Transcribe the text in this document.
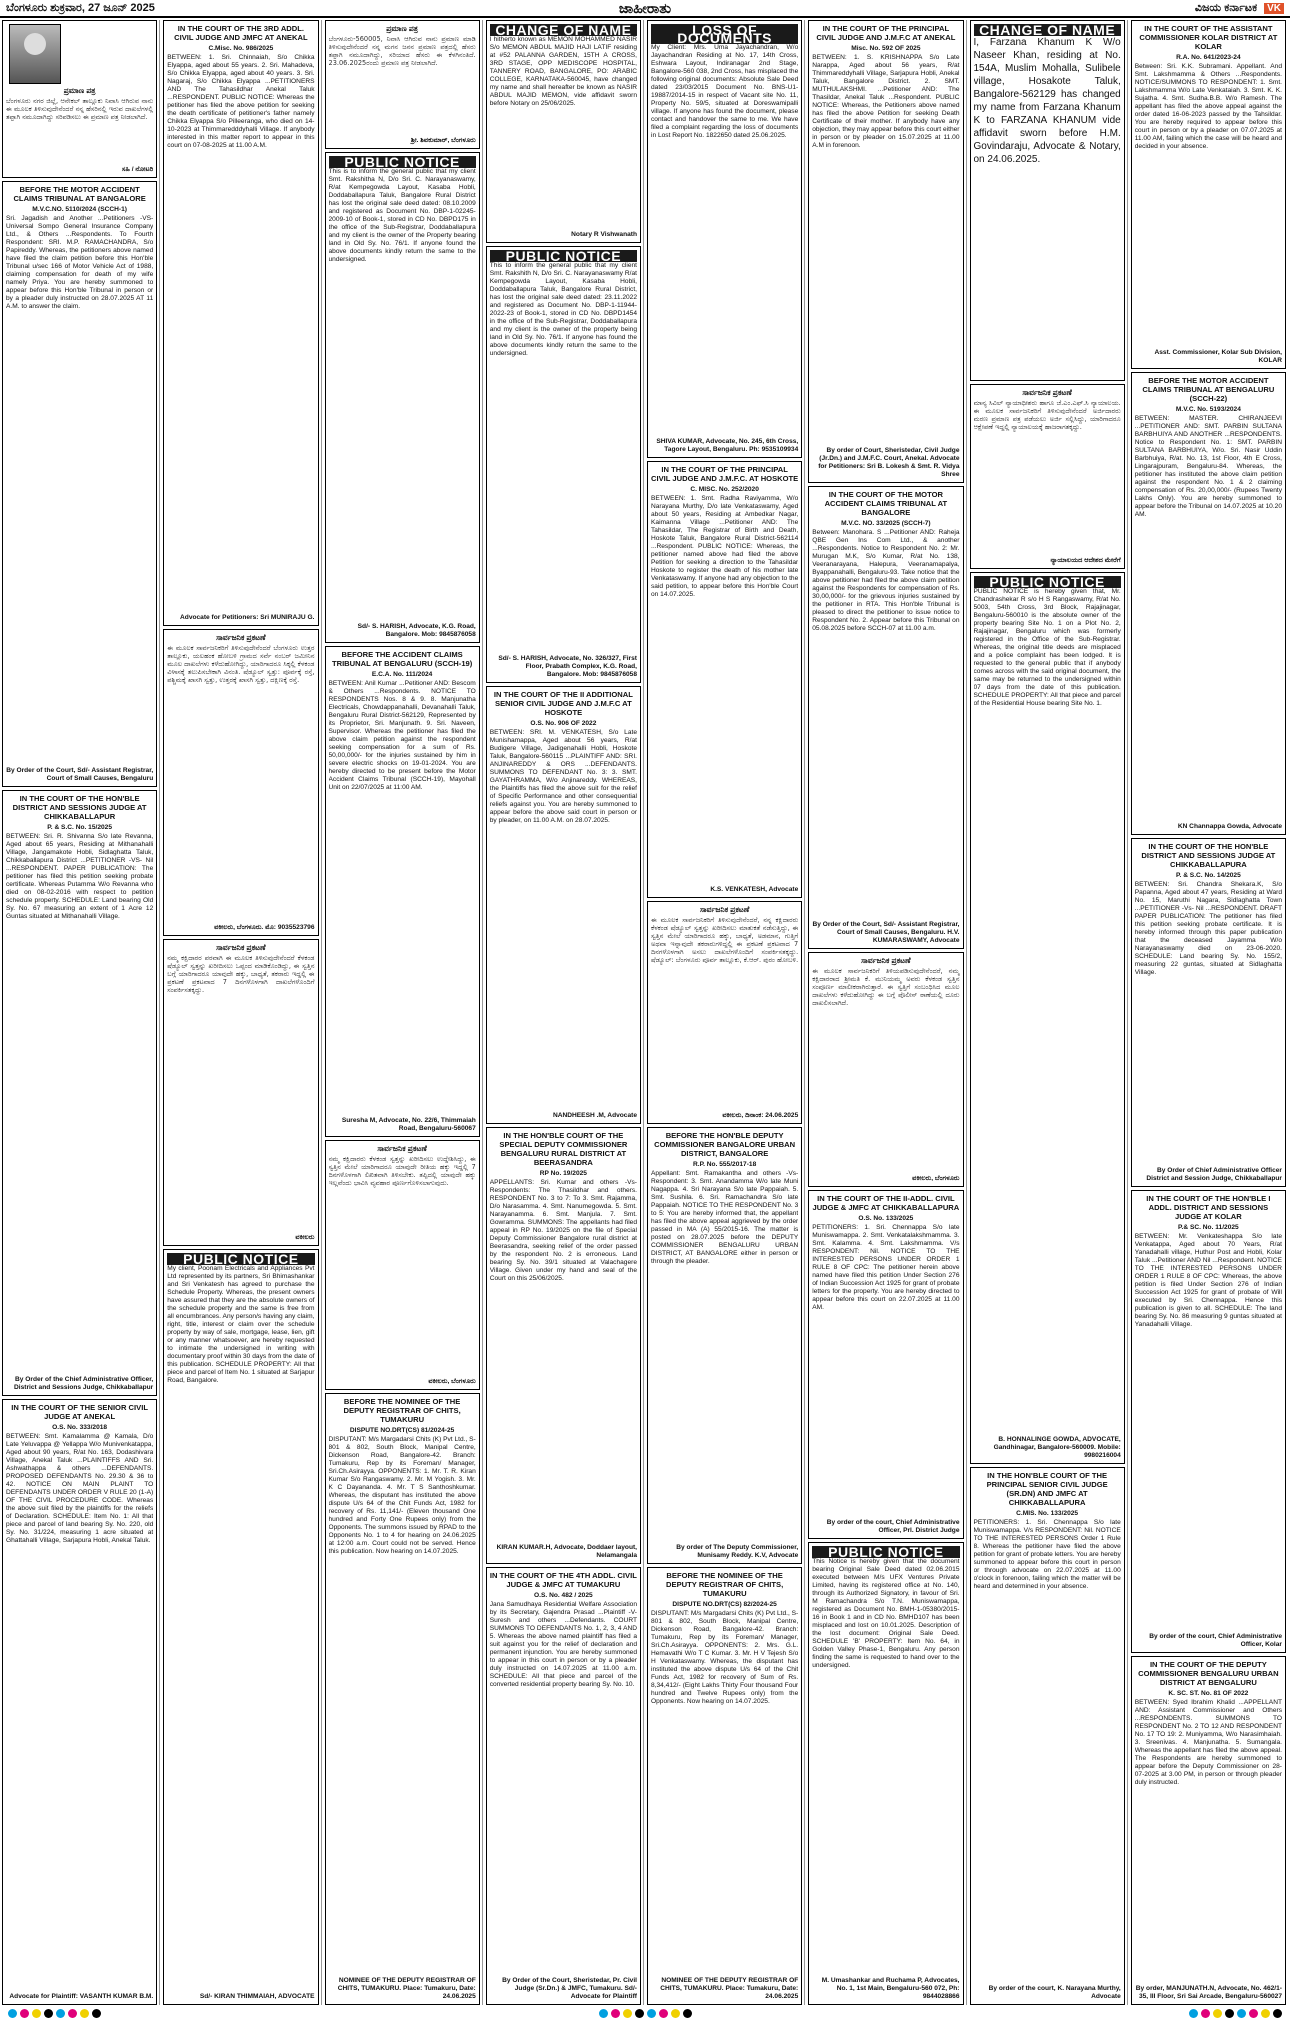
ಬೆಂಗಳೂರು ಶುಕ್ರವಾರ, 27 ಜೂನ್ 2025	ಜಾಹೀರಾತು	ವಿಜಯ ಕರ್ನಾಟಕ VK
ಪ್ರಮಾಣ ಪತ್ರ
ಬೆಂಗಳೂರು ನಗರ ಜಿಲ್ಲೆ, ಆನೇಕಲ್ ತಾಲ್ಲೂಕು ನಿವಾಸಿ ಆಗಿರುವ ನಾನು ಈ ಮೂಲಕ ತಿಳಿಸುವುದೇನೆಂದರೆ ನನ್ನ ಹೆಸರಿನಲ್ಲಿ ಇರುವ ದಾಖಲೆಗಳಲ್ಲಿ ತಪ್ಪಾಗಿ ನಮೂದಾಗಿದ್ದು ಸರಿಪಡಿಸಲು ಈ ಪ್ರಮಾಣ ಪತ್ರ ನೀಡಲಾಗಿದೆ.
ಸಹಿ / ನೋಟರಿ
BEFORE THE MOTOR ACCIDENT CLAIMS TRIBUNAL AT BANGALORE
M.V.C.NO. 5110/2024 (SCCH-1)
Sri. Jagadish and Another ...Petitioners -VS- Universal Sompo General Insurance Company Ltd., & Others ...Respondents. To Fourth Respondent: SRI. M.P. RAMACHANDRA, S/o Papireddy. Whereas, the petitioners above named have filed the claim petition before this Hon'ble Tribunal u/sec 166 of Motor Vehicle Act of 1988, claiming compensation for death of my wife namely Priya. You are hereby summoned to appear before this Hon'ble Tribunal in person or by a pleader duly instructed on 28.07.2025 AT 11 A.M. to answer the claim.
By Order of the Court, Sd/- Assistant Registrar, Court of Small Causes, Bengaluru
IN THE COURT OF THE HON'BLE DISTRICT AND SESSIONS JUDGE AT CHIKKABALLAPUR
P. & S.C. No. 15/2025
BETWEEN: Sri. R. Shivanna S/o late Revanna, Aged about 65 years, Residing at Mithanahalli Village, Jangamakote Hobli, Sidlaghatta Taluk, Chikkaballapura District ...PETITIONER -VS- Nil ...RESPONDENT. PAPER PUBLICATION: The petitioner has filed this petition seeking probate certificate. Whereas Putamma W/o Revanna who died on 08-02-2016 with respect to petition schedule property. SCHEDULE: Land bearing Old Sy. No. 67 measuring an extent of 1 Acre 12 Guntas situated at Mithanahalli Village.
By Order of the Chief Administrative Officer, District and Sessions Judge, Chikkaballapur
IN THE COURT OF THE SENIOR CIVIL JUDGE AT ANEKAL
O.S. No. 333/2018
BETWEEN: Smt. Kamalamma @ Kamala, D/o Late Yeluvappa @ Yellappa W/o Munivenkatappa, Aged about 90 years, R/at No. 163, Dodashivara Village, Anekal Taluk ...PLAINTIFFS AND Sri. Ashwathappa & others ...DEFENDANTS. PROPOSED DEFENDANTS No. 29.30 & 36 to 42. NOTICE ON MAIN PLAINT TO DEFENDANTS UNDER ORDER V RULE 20 (1-A) OF THE CIVIL PROCEDURE CODE. Whereas the above suit filed by the plaintiffs for the reliefs of Declaration. SCHEDULE: Item No. 1: All that piece and parcel of land bearing Sy. No. 220, old Sy. No. 31/224, measuring 1 acre situated at Ghattahalli Village, Sarjapura Hobli, Anekal Taluk.
Advocate for Plaintiff: VASANTH KUMAR B.M.
IN THE COURT OF THE 3RD ADDL. CIVIL JUDGE AND JMFC AT ANEKAL
C.Misc. No. 986/2025
BETWEEN: 1. Sri. Chinnaiah, S/o Chikka Elyappa, aged about 55 years. 2. Sri. Mahadeva, S/o Chikka Elyappa, aged about 40 years. 3. Sri. Nagaraj, S/o Chikka Elyappa ...PETITIONERS AND The Tahasildhar Anekal Taluk ...RESPONDENT. PUBLIC NOTICE: Whereas the petitioner has filed the above petition for seeking the death certificate of petitioner's father namely Chikka Elyappa S/o Pilleeranga, who died on 14-10-2023 at Thimmaredddyhalli Village. If anybody interested in this matter report to appear in this court on 07-08-2025 at 11.00 A.M.
Advocate for Petitioners: Sri MUNIRAJU G.
ಸಾರ್ವಜನಿಕ ಪ್ರಕಟಣೆ
ಈ ಮೂಲಕ ಸಾರ್ವಜನಿಕರಿಗೆ ತಿಳಿಸುವುದೇನೆಂದರೆ ಬೆಂಗಳೂರು ಉತ್ತರ ತಾಲ್ಲೂಕು, ಯಲಹಂಕ ಹೋಬಳಿ ಗ್ರಾಮದ ಸರ್ವೆ ನಂಬರ್ ಜಮೀನಿನ ಮೂಲ ದಾಖಲೆಗಳು ಕಳೆದುಹೋಗಿದ್ದು, ಯಾರಿಗಾದರೂ ಸಿಕ್ಕಲ್ಲಿ ಕೆಳಕಂಡ ವಿಳಾಸಕ್ಕೆ ತಲುಪಿಸಬೇಕಾಗಿ ವಿನಂತಿ. ಷೆಡ್ಯೂಲ್ ಸ್ವತ್ತು: ಪೂರ್ವಕ್ಕೆ ರಸ್ತೆ, ಪಶ್ಚಿಮಕ್ಕೆ ಖಾಸಗಿ ಸ್ವತ್ತು, ಉತ್ತರಕ್ಕೆ ಖಾಸಗಿ ಸ್ವತ್ತು, ದಕ್ಷಿಣಕ್ಕೆ ರಸ್ತೆ.
ವಕೀಲರು, ಬೆಂಗಳೂರು. ಮೊ: 9035523796
ಸಾರ್ವಜನಿಕ ಪ್ರಕಟಣೆ
ನಮ್ಮ ಕಕ್ಷಿದಾರರ ಪರವಾಗಿ ಈ ಮೂಲಕ ತಿಳಿಸುವುದೇನೆಂದರೆ ಕೆಳಕಂಡ ಷೆಡ್ಯೂಲ್ ಸ್ವತ್ತನ್ನು ಖರೀದಿಸಲು ಒಪ್ಪಂದ ಮಾಡಿಕೊಂಡಿದ್ದು, ಈ ಸ್ವತ್ತಿನ ಬಗ್ಗೆ ಯಾರಿಗಾದರೂ ಯಾವುದೇ ಹಕ್ಕು, ಬಾಧ್ಯತೆ, ತಕರಾರು ಇದ್ದಲ್ಲಿ ಈ ಪ್ರಕಟಣೆ ಪ್ರಕಟವಾದ 7 ದಿನಗಳೊಳಗಾಗಿ ದಾಖಲೆಗಳೊಂದಿಗೆ ಸಂಪರ್ಕಿಸತಕ್ಕದ್ದು.
ವಕೀಲರು
PUBLIC NOTICE
My client, Poonam Electricals and Appliances Pvt Ltd represented by its partners, Sri Bhimashankar and Sri Venkatesh has agreed to purchase the Schedule Property. Whereas, the present owners have assured that they are the absolute owners of the schedule property and the same is free from all encumbrances. Any person/s having any claim, right, title, interest or claim over the schedule property by way of sale, mortgage, lease, lien, gift or any manner whatsoever, are hereby requested to intimate the undersigned in writing with documentary proof within 30 days from the date of this publication. SCHEDULE PROPERTY: All that piece and parcel of Item No. 1 situated at Sarjapur Road, Bangalore.
Sd/- KIRAN THIMMAIAH, ADVOCATE
ಪ್ರಮಾಣ ಪತ್ರ
ಬೆಂಗಳೂರು-560005, ನಿವಾಸಿ ಆಗಿರುವ ನಾನು ಪ್ರಮಾಣ ಮಾಡಿ ತಿಳಿಸುವುದೇನೆಂದರೆ ನನ್ನ ಮಗನ ಜನನ ಪ್ರಮಾಣ ಪತ್ರದಲ್ಲಿ ಹೆಸರು ತಪ್ಪಾಗಿ ನಮೂದಾಗಿದ್ದು, ಸರಿಯಾದ ಹೆಸರು ಈ ಕೆಳಗಿನಂತಿದೆ. 23.06.2025ರಂದು ಪ್ರಮಾಣ ಪತ್ರ ನೀಡಲಾಗಿದೆ.
ಶ್ರೀ. ಶಿವಕುಮಾರ್, ಬೆಂಗಳೂರು
PUBLIC NOTICE
This is to inform the general public that my client Smt. Rakshitha N, D/o Sri. C. Narayanaswamy, R/at Kempegowda Layout, Kasaba Hobli, Doddaballapura Taluk, Bangalore Rural District has lost the original sale deed dated: 08.10.2009 and registered as Document No. DBP-1-02245-2009-10 of Book-1, stored in CD No. DBPD175 in the office of the Sub-Registrar, Doddaballapura and my client is the owner of the Property bearing land in Old Sy. No. 76/1. If anyone found the above documents kindly return the same to the undersigned.
Sd/- S. HARISH, Advocate, K.G. Road, Bangalore. Mob: 9845876058
BEFORE THE ACCIDENT CLAIMS TRIBUNAL AT BENGALURU (SCCH-19)
E.C.A. No. 111/2024
BETWEEN: Anil Kumar ...Petitioner AND: Bescom & Others ...Respondents. NOTICE TO RESPONDENTS Nos. 8 & 9. 8. Manjunatha Electricals, Chowdappanahalli, Devanahalli Taluk, Bengaluru Rural District-562129, Represented by its Proprietor, Sri. Manjunath. 9. Sri. Naveen, Supervisor. Whereas the petitioner has filed the above claim petition against the respondent seeking compensation for a sum of Rs. 50,00,000/- for the injuries sustained by him in severe electric shocks on 19-01-2024. You are hereby directed to be present before the Motor Accident Claims Tribunal (SCCH-19), Mayohall Unit on 22/07/2025 at 11:00 AM.
Suresha M, Advocate, No. 22/6, Thimmaiah Road, Bengaluru-560067
ಸಾರ್ವಜನಿಕ ಪ್ರಕಟಣೆ
ನಮ್ಮ ಕಕ್ಷಿದಾರರು ಕೆಳಕಂಡ ಸ್ವತ್ತನ್ನು ಖರೀದಿಸಲು ಉದ್ದೇಶಿಸಿದ್ದು, ಈ ಸ್ವತ್ತಿನ ಮೇಲೆ ಯಾರಿಗಾದರೂ ಯಾವುದೇ ರೀತಿಯ ಹಕ್ಕು ಇದ್ದಲ್ಲಿ 7 ದಿನಗಳೊಳಗಾಗಿ ಲಿಖಿತವಾಗಿ ತಿಳಿಸಬೇಕು. ತಪ್ಪಿದಲ್ಲಿ ಯಾವುದೇ ಹಕ್ಕು ಇಲ್ಲವೆಂದು ಭಾವಿಸಿ ವ್ಯವಹಾರ ಪೂರ್ಣಗೊಳಿಸಲಾಗುವುದು.
ವಕೀಲರು, ಬೆಂಗಳೂರು
BEFORE THE NOMINEE OF THE DEPUTY REGISTRAR OF CHITS, TUMAKURU
DISPUTE NO.DRT(CS) 81/2024-25
DISPUTANT: M/s Margadarsi Chits (K) Pvt Ltd., S-801 & 802, South Block, Manipal Centre, Dickenson Road, Bangalore-42. Branch: Tumakuru, Rep by its Foreman/ Manager, Sri.Ch.Asirayya. OPPONENTS: 1. Mr. T. R. Kiran Kumar S/o Rangaswamy. 2. Mr. M Yogish. 3. Mr. K C Dayananda. 4. Mr. T S Santhoshkumar. Whereas, the disputant has instituted the above dispute U/s 64 of the Chit Funds Act, 1982 for recovery of Rs. 11,141/- (Eleven thousand One hundred and Forty One Rupees only) from the Opponents. The summons issued by RPAD to the Opponents No. 1 to 4 for hearing on 24.06.2025 at 12:00 a.m. Court could not be served. Hence this publication. Now hearing on 14.07.2025.
NOMINEE OF THE DEPUTY REGISTRAR OF CHITS, TUMAKURU. Place: Tumakuru, Date: 24.06.2025
CHANGE OF NAME
I hitherto known as MEMON MOHAMMED NASIR S/o MEMON ABDUL MAJID HAJI LATIF residing at #52 PALANNA GARDEN, 15TH A CROSS, 3RD STAGE, OPP MEDISCOPE HOSPITAL, TANNERY ROAD, BANGALORE, PO: ARABIC COLLEGE, KARNATAKA-560045, have changed my name and shall hereafter be known as NASIR ABDUL MAJID MEMON, vide affidavit sworn before Notary on 25/06/2025.
Notary R Vishwanath
PUBLIC NOTICE
This to inform the general public that my client Smt. Rakshith N, D/o Sri. C. Narayanaswamy R/at Kempegowda Layout, Kasaba Hobli, Doddaballapura Taluk, Bangalore Rural District, has lost the original sale deed dated: 23.11.2022 and registered as Document No. DBP-1-11944-2022-23 of Book-1, stored in CD No. DBPD1454 in the office of the Sub-Registrar, Doddaballapura and my client is the owner of the property being land in Old Sy. No. 76/1. If anyone has found the above documents kindly return the same to the undersigned.
Sd/- S. HARISH, Advocate, No. 326/327, First Floor, Prabath Complex, K.G. Road, Bangalore. Mob: 9845876058
IN THE COURT OF THE II ADDITIONAL SENIOR CIVIL JUDGE AND J.M.F.C AT HOSKOTE
O.S. No. 906 OF 2022
BETWEEN: SRI. M. VENKATESH, S/o Late Munishamappa, Aged about 56 years, R/at Budigere Village, Jadigenahalli Hobli, Hoskote Taluk, Bangalore-560115 ...PLAINTIFF AND: SRI. ANJINAREDDY & ORS ...DEFENDANTS. SUMMONS TO DEFENDANT No. 3: 3. SMT. GAYATHRAMMA, W/o Anjinareddy. WHEREAS, the Plaintiffs has filed the above suit for the relief of Specific Performance and other consequential reliefs against you. You are hereby summoned to appear before the above said court in person or by pleader, on 11.00 A.M. on 28.07.2025.
NANDHEESH .M, Advocate
IN THE HON'BLE COURT OF THE SPECIAL DEPUTY COMMISSIONER BENGALURU RURAL DISTRICT AT BEERASANDRA
RP No. 19/2025
APPELLANTS: Sri. Kumar and others -Vs- Respondents: The Thasildhar and others. RESPONDENT No. 3 to 7: To 3. Smt. Rajamma, D/o Narasamma. 4. Smt. Nanumegowda. 5. Smt. Narayanamma. 6. Smt. Manjula. 7. Smt. Gowramma. SUMMONS: The appellants had filed appeal in RP No. 19/2025 on the file of Special Deputy Commissioner Bangalore rural district at Beerasandra, seeking relief of the order passed by the respondent No. 2 is erroneous. Land bearing Sy. No. 39/1 situated at Valachagere Village. Given under my hand and seal of the Court on this 25/06/2025.
KIRAN KUMAR.H, Advocate, Doddaer layout, Nelamangala
IN THE COURT OF THE 4TH ADDL. CIVIL JUDGE & JMFC AT TUMAKURU
O.S. No. 482 / 2025
Jana Samudhaya Residential Welfare Association by its Secretary, Gajendra Prasad ...Plaintiff -V- Suresh and others ...Defendants. COURT SUMMONS TO DEFENDANTS No. 1, 2, 3, 4 AND 5. Whereas the above named plaintiff has filed a suit against you for the relief of declaration and permanent injunction. You are hereby summoned to appear in this court in person or by a pleader duly instructed on 14.07.2025 at 11.00 a.m. SCHEDULE: All that piece and parcel of the converted residential property bearing Sy. No. 10.
By Order of the Court, Sheristedar, Pr. Civil Judge (Sr.Dn.) & JMFC, Tumakuru. Sd/- Advocate for Plaintiff
LOSS OF DOCUMENTS
My Client: Mrs. Uma Jayachandran, W/o Jayachandran Residing at No. 17, 14th Cross, Eshwara Layout, Indiranagar 2nd Stage, Bangalore-560 038, 2nd Cross, has misplaced the following original documents: Absolute Sale Deed dated 23/03/2015 Document No. BNS-U1-19887/2014-15 in respect of Vacant site No. 11, Property No. 59/5, situated at Doreswamipalli village. If anyone has found the document, please contact and handover the same to me. We have filed a complaint regarding the loss of documents in Lost Report No. 1822650 dated 25.06.2025.
SHIVA KUMAR, Advocate, No. 245, 6th Cross, Tagore Layout, Bengaluru. Ph: 9535109934
IN THE COURT OF THE PRINCIPAL CIVIL JUDGE AND J.M.F.C. AT HOSKOTE
C. MISC. No. 252/2020
BETWEEN: 1. Smt. Radha Raviyamma, W/o Narayana Murthy, D/o late Venkataswamy, Aged about 50 years, Residing at Ambedkar Nagar, Kaimanna Village ...Petitioner AND: The Tahasildar, The Registrar of Birth and Death, Hoskote Taluk, Bangalore Rural District-562114 ...Respondent. PUBLIC NOTICE: Whereas, the petitioner named above had filed the above Petition for seeking a direction to the Tahasildar Hoskote to register the death of his mother late Venkataswamy. If anyone had any objection to the said petition, to appear before this Hon'ble Court on 14.07.2025.
K.S. VENKATESH, Advocate
ಸಾರ್ವಜನಿಕ ಪ್ರಕಟಣೆ
ಈ ಮೂಲಕ ಸಾರ್ವಜನಿಕರಿಗೆ ತಿಳಿಸುವುದೇನೆಂದರೆ, ನನ್ನ ಕಕ್ಷಿದಾರರು ಕೆಳಕಂಡ ಷೆಡ್ಯೂಲ್ ಸ್ವತ್ತನ್ನು ಖರೀದಿಸಲು ಮಾತುಕತೆ ನಡೆಸುತ್ತಿದ್ದು, ಈ ಸ್ವತ್ತಿನ ಮೇಲೆ ಯಾರಿಗಾದರೂ ಹಕ್ಕು, ಬಾಧ್ಯತೆ, ಅಡಮಾನ, ಗುತ್ತಿಗೆ ಅಥವಾ ಇನ್ನಾವುದೇ ತಕರಾರುಗಳಿದ್ದಲ್ಲಿ ಈ ಪ್ರಕಟಣೆ ಪ್ರಕಟವಾದ 7 ದಿನಗಳೊಳಗಾಗಿ ಅಸಲು ದಾಖಲೆಗಳೊಂದಿಗೆ ಸಂಪರ್ಕಿಸತಕ್ಕದ್ದು. ಷೆಡ್ಯೂಲ್: ಬೆಂಗಳೂರು ಪೂರ್ವ ತಾಲ್ಲೂಕು, ಕೆ.ಆರ್. ಪುರಂ ಹೋಬಳಿ.
ವಕೀಲರು, ದಿನಾಂಕ: 24.06.2025
BEFORE THE HON'BLE DEPUTY COMMISSIONER BANGALORE URBAN DISTRICT, BANGALORE
R.P. No. 555/2017-18
Appellant: Smt. Ramakantha and others -Vs- Respondent: 3. Smt. Anandamma W/o late Muni Nagappa. 4. Sri Narayana S/o late Pappaiah. 5. Smt. Sushila. 6. Sri. Ramachandra S/o late Pappaiah. NOTICE TO THE RESPONDENT No. 3 to 5: You are hereby informed that, the appellant has filed the above appeal aggrieved by the order passed in MA (A) 55/2015-16. The matter is posted on 28.07.2025 before the DEPUTY COMMISSIONER BENGALURU URBAN DISTRICT, AT BANGALORE either in person or through the pleader.
By order of The Deputy Commissioner, Munisamy Reddy. K.V, Advocate
BEFORE THE NOMINEE OF THE DEPUTY REGISTRAR OF CHITS, TUMAKURU
DISPUTE NO.DRT(CS) 82/2024-25
DISPUTANT: M/s Margadarsi Chits (K) Pvt Ltd., S-801 & 802, South Block, Manipal Centre, Dickenson Road, Bangalore-42. Branch: Tumakuru, Rep by its Foreman/ Manager, Sri.Ch.Asirayya. OPPONENTS: 2. Mrs. G.L. Hemavathi W/o T C Kumar. 3. Mr. H V Tejesh S/o H Venkataswamy. Whereas, the disputant has instituted the above dispute U/s 64 of the Chit Funds Act, 1982 for recovery of Sum of Rs. 8,34,412/- (Eight Lakhs Thirty Four thousand Four hundred and Twelve Rupees only) from the Opponents. Now hearing on 14.07.2025.
NOMINEE OF THE DEPUTY REGISTRAR OF CHITS, TUMAKURU. Place: Tumakuru, Date: 24.06.2025
IN THE COURT OF THE PRINCIPAL CIVIL JUDGE AND J.M.F.C AT ANEKAL
Misc. No. 592 OF 2025
BETWEEN: 1. S. KRISHNAPPA S/o Late Narappa, Aged about 56 years, R/at Thimmareddyhalli Village, Sarjapura Hobli, Anekal Taluk, Bangalore District. 2. SMT. MUTHULAKSHMI. ...Petitioner AND: The Thasildar, Anekal Taluk ...Respondent. PUBLIC NOTICE: Whereas, the Petitioners above named has filed the above Petition for seeking Death Certificate of their mother. If anybody have any objection, they may appear before this court either in person or by pleader on 15.07.2025 at 11.00 A.M in forenoon.
By order of Court, Sheristedar, Civil Judge (Jr.Dn.) and J.M.F.C. Court, Anekal. Advocate for Petitioners: Sri B. Lokesh & Smt. R. Vidya Shree
IN THE COURT OF THE MOTOR ACCIDENT CLAIMS TRIBUNAL AT BANGALORE
M.V.C. NO. 33/2025 (SCCH-7)
Between: Manohara. S ...Petitioner AND: Raheja QBE Gen Ins Com Ltd., & another ...Respondents. Notice to Respondent No. 2: Mr. Murugan M.K, S/o Kumar, R/at No. 138, Veeranarayana, Halepura, Veeranamapalya, Byappanahalli, Bengaluru-93. Take notice that the above petitioner had filed the above claim petition against the Respondents for compensation of Rs. 30,00,000/- for the grievous injuries sustained by the petitioner in RTA. This Hon'ble Tribunal is pleased to direct the petitioner to issue notice to Respondent No. 2. Appear before this Tribunal on 05.08.2025 before SCCH-07 at 11.00 a.m.
By Order of the Court, Sd/- Assistant Registrar, Court of Small Causes, Bengaluru. H.V. KUMARASWAMY, Advocate
ಸಾರ್ವಜನಿಕ ಪ್ರಕಟಣೆ
ಈ ಮೂಲಕ ಸಾರ್ವಜನಿಕರಿಗೆ ತಿಳಿಯಪಡಿಸುವುದೇನೆಂದರೆ, ನಮ್ಮ ಕಕ್ಷಿದಾರರಾದ ಶ್ರೀಮತಿ ಕೆ. ಮುನಿಯಮ್ಮ ಅವರು ಕೆಳಕಂಡ ಸ್ವತ್ತಿನ ಸಂಪೂರ್ಣ ಮಾಲೀಕರಾಗಿರುತ್ತಾರೆ. ಈ ಸ್ವತ್ತಿಗೆ ಸಂಬಂಧಿಸಿದ ಮೂಲ ದಾಖಲೆಗಳು ಕಳೆದುಹೋಗಿದ್ದು ಈ ಬಗ್ಗೆ ಪೊಲೀಸ್ ಠಾಣೆಯಲ್ಲಿ ದೂರು ದಾಖಲಿಸಲಾಗಿದೆ.
ವಕೀಲರು, ಬೆಂಗಳೂರು
IN THE COURT OF THE II-ADDL. CIVIL JUDGE & JMFC AT CHIKKABALLAPURA
O.S. No. 133/2025
PETITIONERS: 1. Sri. Chennappa S/o late Muniswamappa. 2. Smt. Venkatalakshmamma. 3. Smt. Kalamma. 4. Smt. Lakshmamma. V/s RESPONDENT: Nil. NOTICE TO THE INTERESTED PERSONS UNDER ORDER 1 RULE 8 OF CPC: The petitioner herein above named have filed this petition Under Section 276 of Indian Succession Act 1925 for grant of probate letters for the property. You are hereby directed to appear before this court on 22.07.2025 at 11.00 AM.
By order of the court, Chief Administrative Officer, Prl. District Judge
PUBLIC NOTICE
This Notice is hereby given that the document bearing Original Sale Deed dated 02.06.2015 executed between M/s UFX Ventures Private Limited, having its registered office at No. 140, through its Authorized Signatory, in favour of Sri. M Ramachandra S/o T.N. Muniswamappa, registered as Document No. BMH-1-05380/2015-16 in Book 1 and in CD No. BMHD107 has been misplaced and lost on 10.01.2025. Description of the lost document: Original Sale Deed. SCHEDULE 'B' PROPERTY: Item No. 64, in Golden Valley Phase-1, Bengaluru. Any person finding the same is requested to hand over to the undersigned.
M. Umashankar and Ruchama P, Advocates, No. 1, 1st Main, Bengaluru-560 072, Ph: 9844028866
CHANGE OF NAME
I, Farzana Khanum K W/o Naseer Khan, residing at No. 154A, Muslim Mohalla, Sulibele village, Hosakote Taluk, Bangalore-562129 has changed my name from Farzana Khanum K to FARZANA KHANUM vide affidavit sworn before H.M. Govindaraju, Advocate & Notary, on 24.06.2025.
ಸಾರ್ವಜನಿಕ ಪ್ರಕಟಣೆ
ಮಾನ್ಯ ಸಿವಿಲ್ ನ್ಯಾಯಾಧೀಶರು ಹಾಗೂ ಜೆ.ಎಂ.ಎಫ್.ಸಿ ನ್ಯಾಯಾಲಯ. ಈ ಮೂಲಕ ಸಾರ್ವಜನಿಕರಿಗೆ ತಿಳಿಸುವುದೇನೆಂದರೆ ಅರ್ಜಿದಾರರು ಮರಣ ಪ್ರಮಾಣ ಪತ್ರ ಪಡೆಯಲು ಅರ್ಜಿ ಸಲ್ಲಿಸಿದ್ದು, ಯಾರಿಗಾದರೂ ಆಕ್ಷೇಪಣೆ ಇದ್ದಲ್ಲಿ ನ್ಯಾಯಾಲಯಕ್ಕೆ ಹಾಜರಾಗತಕ್ಕದ್ದು.
ನ್ಯಾಯಾಲಯದ ಆದೇಶದ ಮೇರೆಗೆ
PUBLIC NOTICE
PUBLIC NOTICE is hereby given that, Mr. Chandrashekar R s/o H S Rangaswamy, R/at No. 5003, 54th Cross, 3rd Block, Rajajinagar, Bengaluru-560010 is the absolute owner of the property bearing Site No. 1 on a Plot No. 2, Rajajinagar, Bengaluru which was formerly registered in the Office of the Sub-Registrar. Whereas, the original title deeds are misplaced and a police complaint has been lodged. It is requested to the general public that if anybody comes across with the said original document, the same may be returned to the undersigned within 07 days from the date of this publication. SCHEDULE PROPERTY: All that piece and parcel of the Residential House bearing Site No. 1.
B. HONNALINGE GOWDA, ADVOCATE, Gandhinagar, Bangalore-560009. Mobile: 9980216004
IN THE HON'BLE COURT OF THE PRINCIPAL SENIOR CIVIL JUDGE (SR.DN) AND JMFC AT CHIKKABALLAPURA
C.MIS. No. 133/2025
PETITIONERS: 1. Sri. Chennappa S/o late Muniswamappa. V/s RESPONDENT: Nil. NOTICE TO THE INTERESTED PERSONS Order 1 Rule 8. Whereas the petitioner have filed the above petition for grant of probate letters. You are hereby summoned to appear before this court in person or through advocate on 22.07.2025 at 11.00 o'clock in forenoon, failing which the matter will be heard and determined in your absence.
By order of the court, K. Narayana Murthy, Advocate
IN THE COURT OF THE ASSISTANT COMMISSIONER KOLAR DISTRICT AT KOLAR
R.A. No. 641/2023-24
Between: Sri. K.K. Subramani. Appellant. And Smt. Lakshmamma & Others ...Respondents. NOTICE/SUMMONS TO RESPONDENT: 1. Smt. Lakshmamma W/o Late Venkataiah. 3. Smt. K. K. Sujatha. 4. Smt. Sudha.B.B. W/o Ramesh. The appellant has filed the above appeal against the order dated 16-06-2023 passed by the Tahsildar. You are hereby required to appear before this court in person or by a pleader on 07.07.2025 at 11.00 AM, failing which the case will be heard and decided in your absence.
Asst. Commissioner, Kolar Sub Division, KOLAR
BEFORE THE MOTOR ACCIDENT CLAIMS TRIBUNAL AT BENGALURU (SCCH-22)
M.V.C. No. 5193/2024
BETWEEN: MASTER. CHIRANJEEVI ...PETITIONER AND: SMT. PARBIN SULTANA BARBHUIYA AND ANOTHER ...RESPONDENTS. Notice to Respondent No. 1: SMT. PARBIN SULTANA BARBHUIYA, W/o. Sri. Nasir Uddin Barbhuiya, R/at. No. 13, 1st Floor, 4th E Cross, Lingarajpuram, Bengaluru-84. Whereas, the petitioner has instituted the above claim petition against the respondent No. 1 & 2 claiming compensation of Rs. 20,00,000/- (Rupees Twenty Lakhs Only). You are hereby summoned to appear before the Tribunal on 14.07.2025 at 10.20 AM.
KN Channappa Gowda, Advocate
IN THE COURT OF THE HON'BLE DISTRICT AND SESSIONS JUDGE AT CHIKKABALLAPURA
P. & S.C. No. 14/2025
BETWEEN: Sri. Chandra Shekara.K, S/o Papanna, Aged about 47 years, Residing at Ward No. 15, Maruthi Nagara, Sidlaghatta Town ...PETITIONER -Vs- Nil ...RESPONDENT. DRAFT PAPER PUBLICATION: The petitioner has filed this petition seeking probate certificate. It is hereby informed through this paper publication that the deceased Jayamma W/o Narayanaswamy died on 23-06-2020. SCHEDULE: Land bearing Sy. No. 155/2, measuring 22 guntas, situated at Sidlaghatta Village.
By Order of Chief Administrative Officer District and Session Judge, Chikkaballapur
IN THE COURT OF THE HON'BLE I ADDL. DISTRICT AND SESSIONS JUDGE AT KOLAR
P.& SC. No. 11/2025
BETWEEN: Mr. Venkateshappa S/o late Venkatappa, Aged about 70 Years, R/at Yanadahalli village, Huthur Post and Hobli, Kolar Taluk ...Petitioner AND Nil ...Respondent. NOTICE TO THE INTERESTED PERSONS UNDER ORDER 1 RULE 8 OF CPC: Whereas, the above petition is filed Under Section 276 of Indian Succession Act 1925 for grant of probate of Will executed by Sri. Chennappa. Hence this publication is given to all. SCHEDULE: The land bearing Sy. No. 86 measuring 9 guntas situated at Yanadahalli Village.
By order of the court, Chief Administrative Officer, Kolar
IN THE COURT OF THE DEPUTY COMMISSIONER BENGALURU URBAN DISTRICT AT BENGALURU
K. SC. ST. No. 81 OF 2022
BETWEEN: Syed Ibrahim Khalid ...APPELLANT AND: Assistant Commissioner and Others ...RESPONDENTS. SUMMONS TO RESPONDENT No. 2 TO 12 AND RESPONDENT No. 17 TO 19: 2. Muniyamma, W/o Narasimhaiah. 3. Sreenivas. 4. Manjunatha. 5. Sumangala. Whereas the appellant has filed the above appeal. The Respondents are hereby summoned to appear before the Deputy Commissioner on 28-07-2025 at 3.00 PM, in person or through pleader duly instructed.
By order, MANJUNATH.N, Advocate, No. 462/1-35, III Floor, Sri Sai Arcade, Bengaluru-560027
